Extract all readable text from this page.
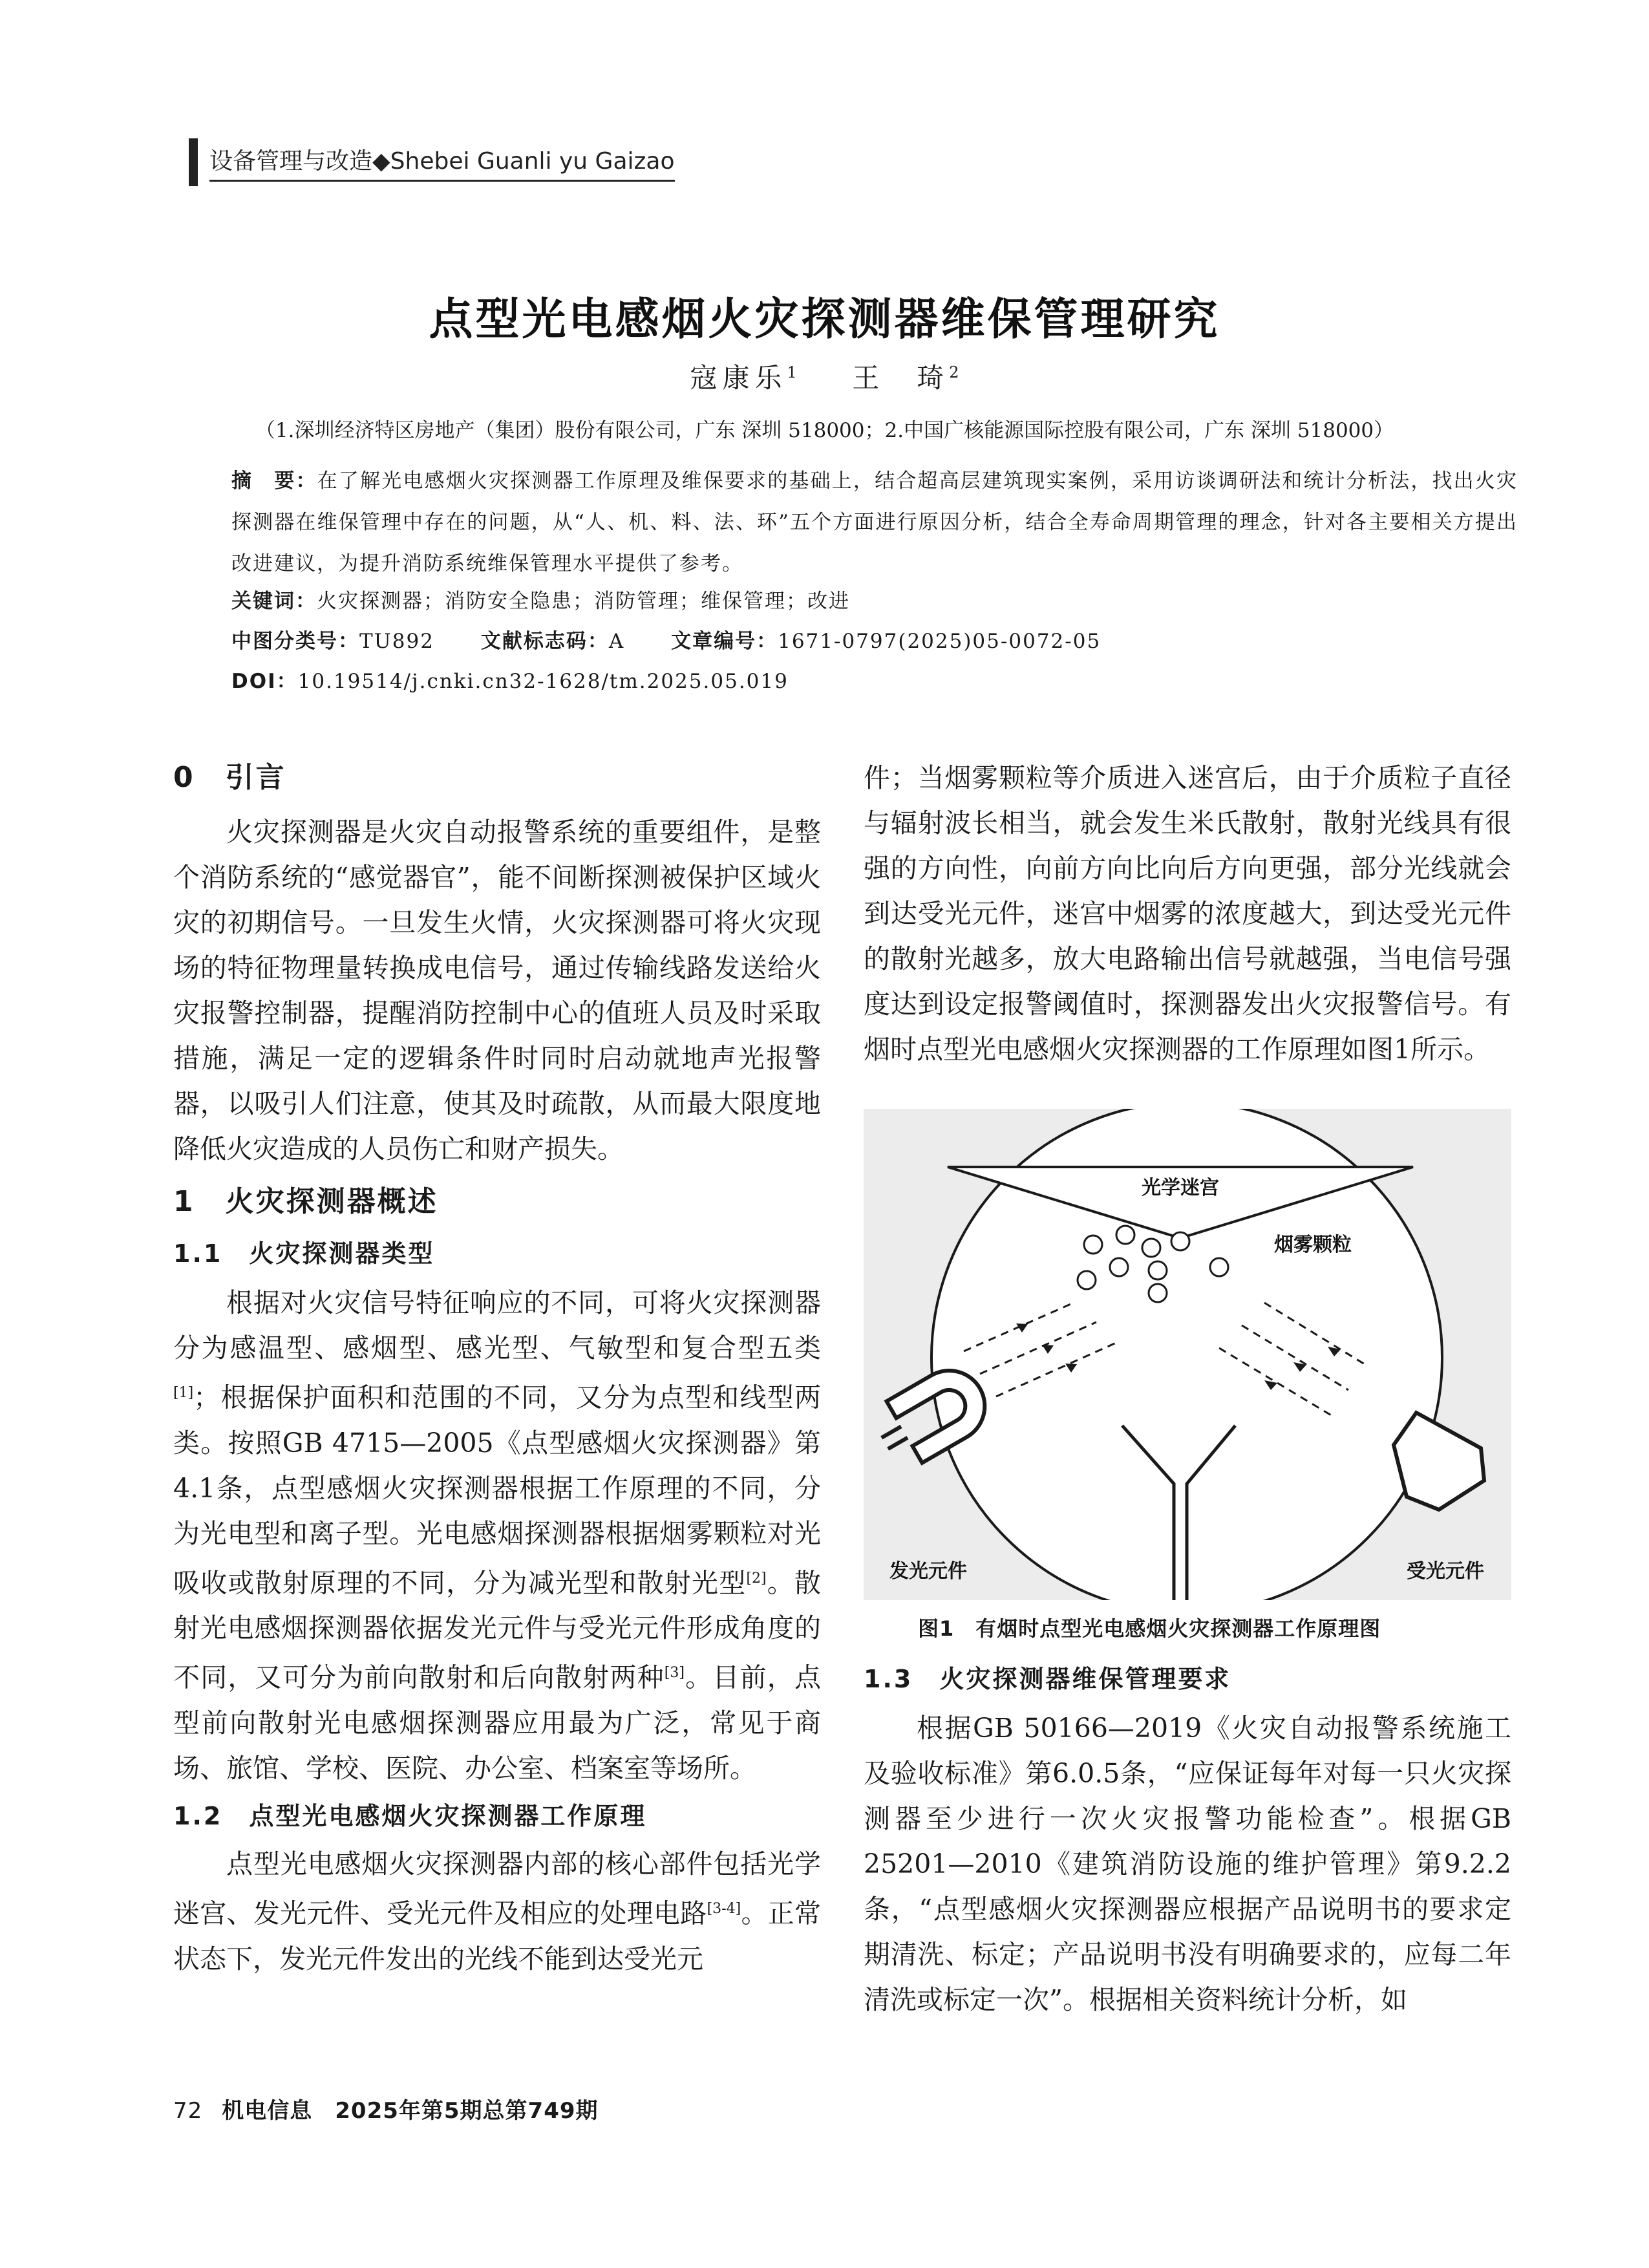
设备管理与改造◆Shebei Guanli yu Gaizao
点型光电感烟火灾探测器维保管理研究
寇康乐$^1$ 王　琦$^2$
（1.深圳经济特区房地产（集团）股份有限公司，广东 深圳 518000；2.中国广核能源国际控股有限公司，广东 深圳 518000）
摘　要：在了解光电感烟火灾探测器工作原理及维保要求的基础上，结合超高层建筑现实案例，采用访谈调研法和统计分析法，找出火灾探测器在维保管理中存在的问题，从“人、机、料、法、环”五个方面进行原因分析，结合全寿命周期管理的理念，针对各主要相关方提出改进建议，为提升消防系统维保管理水平提供了参考。
关键词：火灾探测器；消防安全隐患；消防管理；维保管理；改进
中图分类号：TU892 文献标志码：A 文章编号：1671-0797(2025)05-0072-05
DOI：10.19514/j.cnki.cn32-1628/tm.2025.05.019
0　引言

火灾探测器是火灾自动报警系统的重要组件，是整个消防系统的“感觉器官”，能不间断探测被保护区域火灾的初期信号。一旦发生火情，火灾探测器可将火灾现场的特征物理量转换成电信号，通过传输线路发送给火灾报警控制器，提醒消防控制中心的值班人员及时采取措施，满足一定的逻辑条件时同时启动就地声光报警器，以吸引人们注意，使其及时疏散，从而最大限度地降低火灾造成的人员伤亡和财产损失。

1　火灾探测器概述
1.1　火灾探测器类型

根据对火灾信号特征响应的不同，可将火灾探测器分为感温型、感烟型、感光型、气敏型和复合型五类[1]；根据保护面积和范围的不同，又分为点型和线型两类。按照GB 4715—2005《点型感烟火灾探测器》第4.1条，点型感烟火灾探测器根据工作原理的不同，分为光电型和离子型。光电感烟探测器根据烟雾颗粒对光吸收或散射原理的不同，分为减光型和散射光型[2]。散射光电感烟探测器依据发光元件与受光元件形成角度的不同，又可分为前向散射和后向散射两种[3]。目前，点型前向散射光电感烟探测器应用最为广泛，常见于商场、旅馆、学校、医院、办公室、档案室等场所。

1.2　点型光电感烟火灾探测器工作原理

点型光电感烟火灾探测器内部的核心部件包括光学迷宫、发光元件、受光元件及相应的处理电路[3-4]。正常状态下，发光元件发出的光线不能到达受光元

件；当烟雾颗粒等介质进入迷宫后，由于介质粒子直径与辐射波长相当，就会发生米氏散射，散射光线具有很强的方向性，向前方向比向后方向更强，部分光线就会到达受光元件，迷宫中烟雾的浓度越大，到达受光元件的散射光越多，放大电路输出信号就越强，当电信号强度达到设定报警阈值时，探测器发出火灾报警信号。有烟时点型光电感烟火灾探测器的工作原理如图1所示。

光学迷宫
烟雾颗粒
发光元件	受光元件
图1　有烟时点型光电感烟火灾探测器工作原理图
1.3　火灾探测器维保管理要求

根据GB 50166—2019《火灾自动报警系统施工及验收标准》第6.0.5条，“应保证每年对每一只火灾探测器至少进行一次火灾报警功能检查”。根据GB 25201—2010《建筑消防设施的维护管理》第9.2.2条，“点型感烟火灾探测器应根据产品说明书的要求定期清洗、标定；产品说明书没有明确要求的，应每二年清洗或标定一次”。根据相关资料统计分析，如

72 机电信息　2025年第5期总第749期
